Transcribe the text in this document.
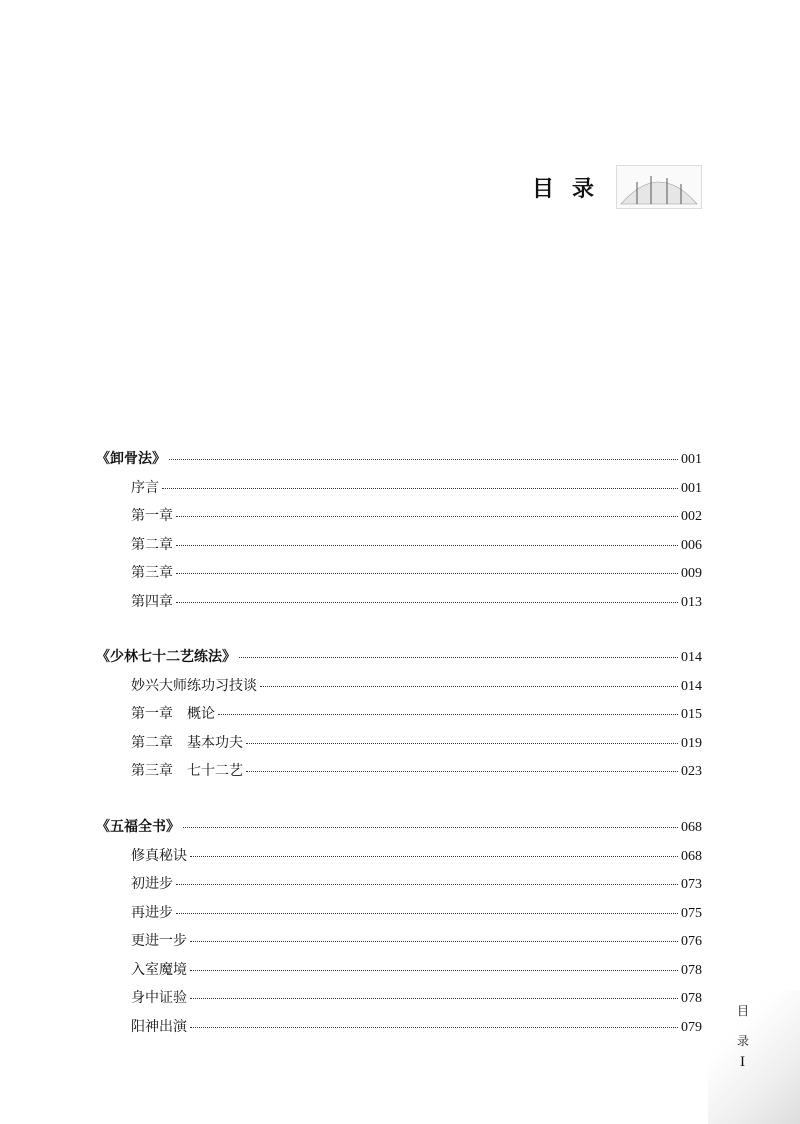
目录
《卸骨法》	001
序言	001
第一章	002
第二章	006
第三章	009
第四章	013
《少林七十二艺练法》	014
妙兴大师练功习技谈	014
第一章　概论	015
第二章　基本功夫	019
第三章　七十二艺	023
《五福全书》	068
修真秘诀	068
初进步	073
再进步	075
更进一步	076
入室魔境	078
身中证验	078
阳神出演	079
目录
I
